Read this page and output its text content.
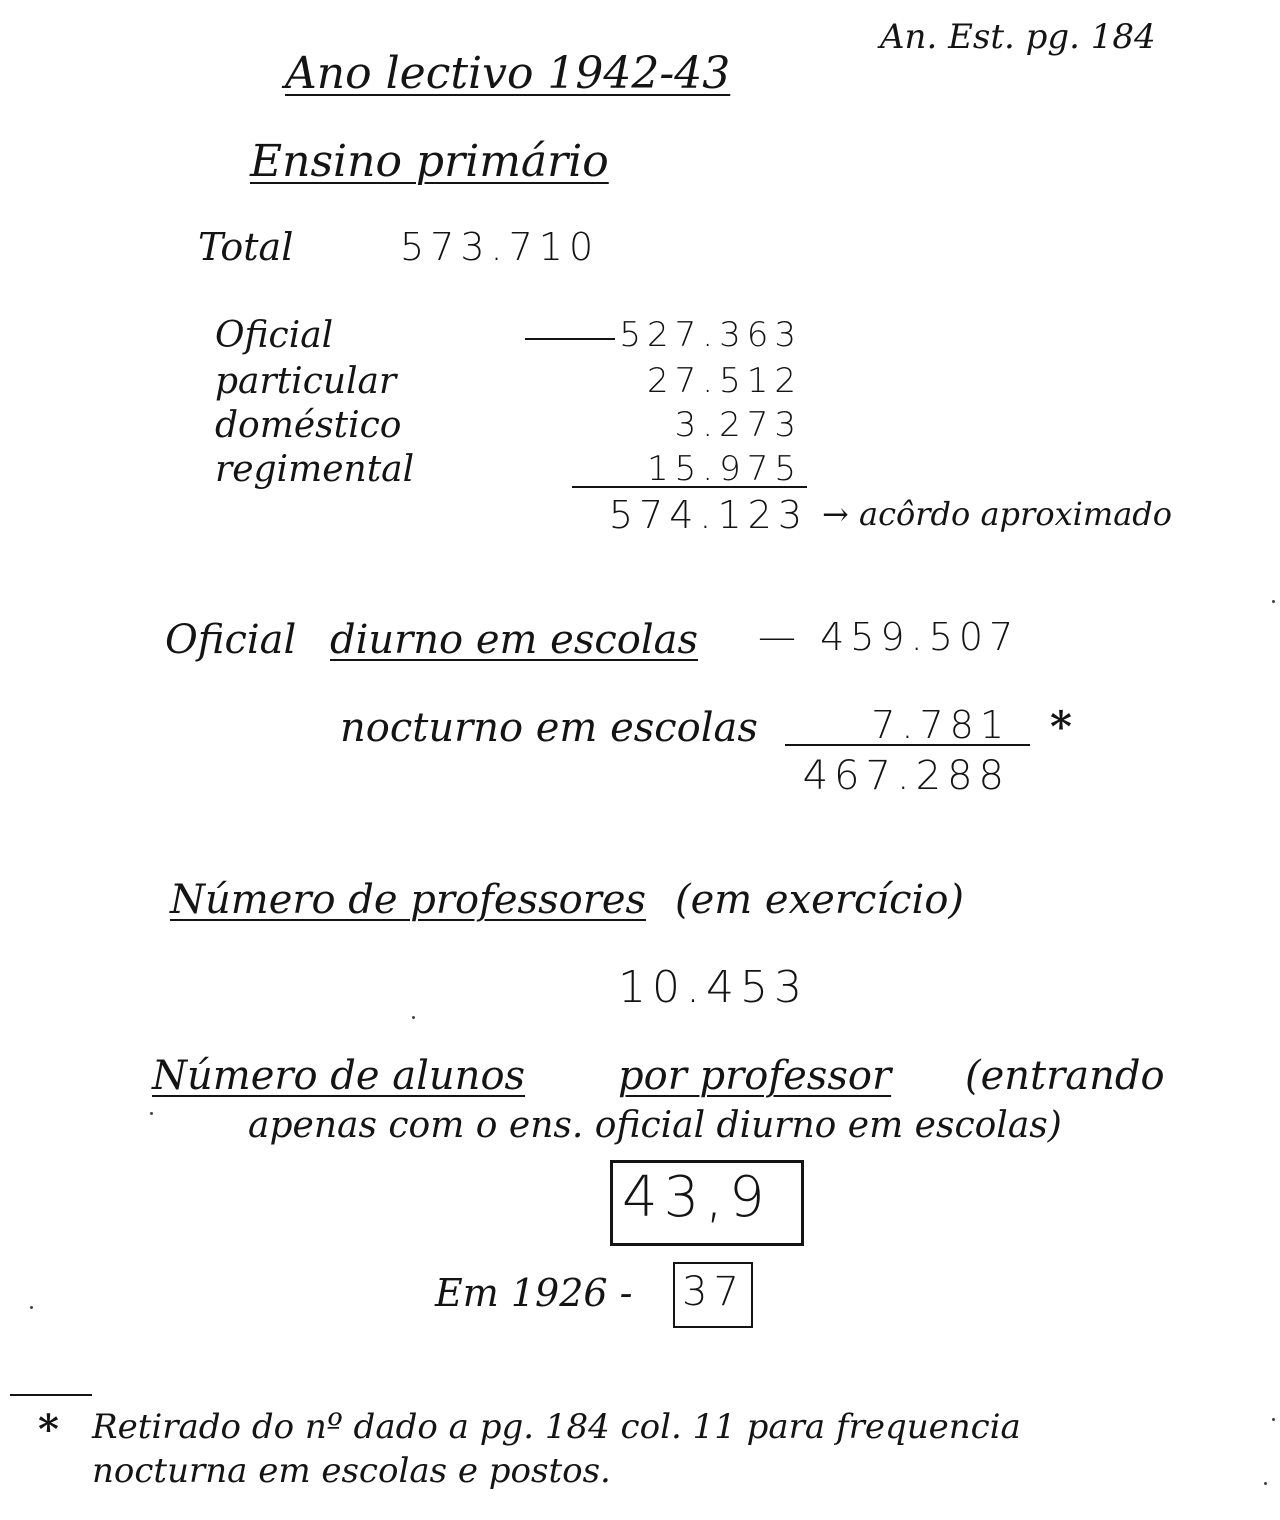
An. Est. pg. 184
Ano lectivo 1942-43
Ensino primário
Total	573.710
Oficial	527.363
particular	27.512
doméstico	3.273
regimental	15.975
574.123 → acôrdo aproximado
Oficial diurno em escolas — 459.507
nocturno em escolas	7.781 *
467.288
Número de professores (em exercício)
10.453
Número de alunos por professor (entrando
apenas com o ens. oficial diurno em escolas)
43,9
Em 1926 - 37
* Retirado do nº dado a pg. 184 col. 11 para frequencia
nocturna em escolas e postos.
